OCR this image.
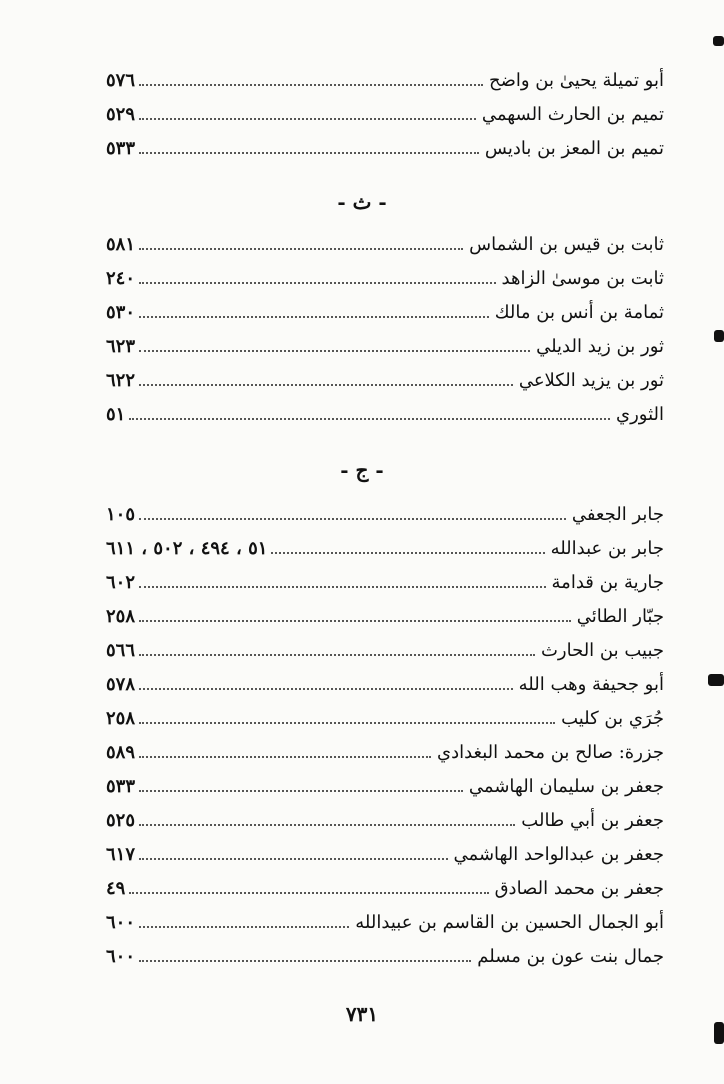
أبو تميلة يحيىٰ بن واضح
٥٧٦
تميم بن الحارث السهمي
٥٢٩
تميم بن المعز بن باديس
٥٣٣
- ث -
ثابت بن قيس بن الشماس
٥٨١
ثابت بن موسىٰ الزاهد
٢٤٠
ثمامة بن أنس بن مالك
٥٣٠
ثور بن زيد الديلي
٦٢٣
ثور بن يزيد الكلاعي
٦٢٢
الثوري
٥١
- ج -
جابر الجعفي
١٠٥
جابر بن عبدالله
٥١ ، ٤٩٤ ، ٥٠٢ ، ٦١١
جارية بن قدامة
٦٠٢
جبّار الطائي
٢٥٨
جبيب بن الحارث
٥٦٦
أبو جحيفة وهب الله
٥٧٨
جُرَي بن كليب
٢٥٨
جزرة: صالح بن محمد البغدادي
٥٨٩
جعفر بن سليمان الهاشمي
٥٣٣
جعفر بن أبي طالب
٥٢٥
جعفر بن عبدالواحد الهاشمي
٦١٧
جعفر بن محمد الصادق
٤٩
أبو الجمال الحسين بن القاسم بن عبيدالله
٦٠٠
جمال بنت عون بن مسلم
٦٠٠
٧٣١
